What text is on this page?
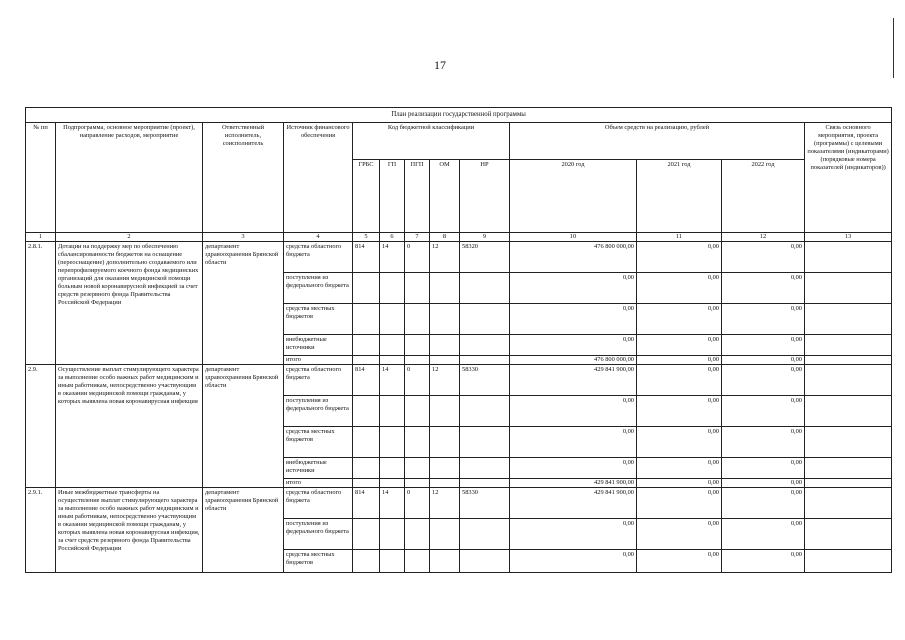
17
План реализации государственной программы												
№ пп	Подпрограмма, основное мероприятие (проект), направление расходов, мероприятие	Ответственный исполнитель, соисполнитель	Источник финансового обеспечения	Код бюджетной классификации					Объем средств на реализацию, рублей			Связь основного мероприятия, проекта (программы) с целевыми показателями (индикаторами) (порядковые номера показателей (индикаторов))
				ГРБС	ГП	ПГП	ОМ	НР	2020 год	2021 год	2022 год	
1	2	3	4	5	6	7	8	9	10	11	12	13
2.8.1.	Дотации на поддержку мер по обеспечению сбалансированности бюджетов на оснащение (переоснащение) дополнительно создаваемого или перепрофилируемого коечного фонда медицинских организаций для оказания медицинской помощи больным новой коронавирусной инфекцией за счет средств резервного фонда Правительства Российской Федерации	департамент здравоохранения Брянской области	средства областного бюджета	814	14	0	12	58320	476 800 000,00	0,00	0,00	
			поступления из федерального бюджета						0,00	0,00	0,00	
			средства местных бюджетов						0,00	0,00	0,00	
			внебюджетные источники						0,00	0,00	0,00	
			итого						476 800 000,00	0,00	0,00	
2.9.	Осуществление выплат стимулирующего характера за выполнение особо важных работ медицинским и иным работникам, непосредственно участвующим в оказании медицинской помощи гражданам, у которых выявлена новая коронавирусная инфекция	департамент здравоохранения Брянской области	средства областного бюджета	814	14	0	12	58330	429 841 900,00	0,00	0,00	
			поступления из федерального бюджета						0,00	0,00	0,00	
			средства местных бюджетов						0,00	0,00	0,00	
			внебюджетные источники						0,00	0,00	0,00	
			итого						429 841 900,00	0,00	0,00	
2.9.1.	Иные межбюджетные трансферты на осуществление выплат стимулирующего характера за выполнение особо важных работ медицинским и иным работникам, непосредственно участвующим в оказании медицинской помощи гражданам, у которых выявлена новая коронавирусная инфекция, за счет средств резервного фонда Правительства Российской Федерации	департамент здравоохранения Брянской области	средства областного бюджета	814	14	0	12	58330	429 841 900,00	0,00	0,00	
			поступления из федерального бюджета						0,00	0,00	0,00	
			средства местных бюджетов						0,00	0,00	0,00	
